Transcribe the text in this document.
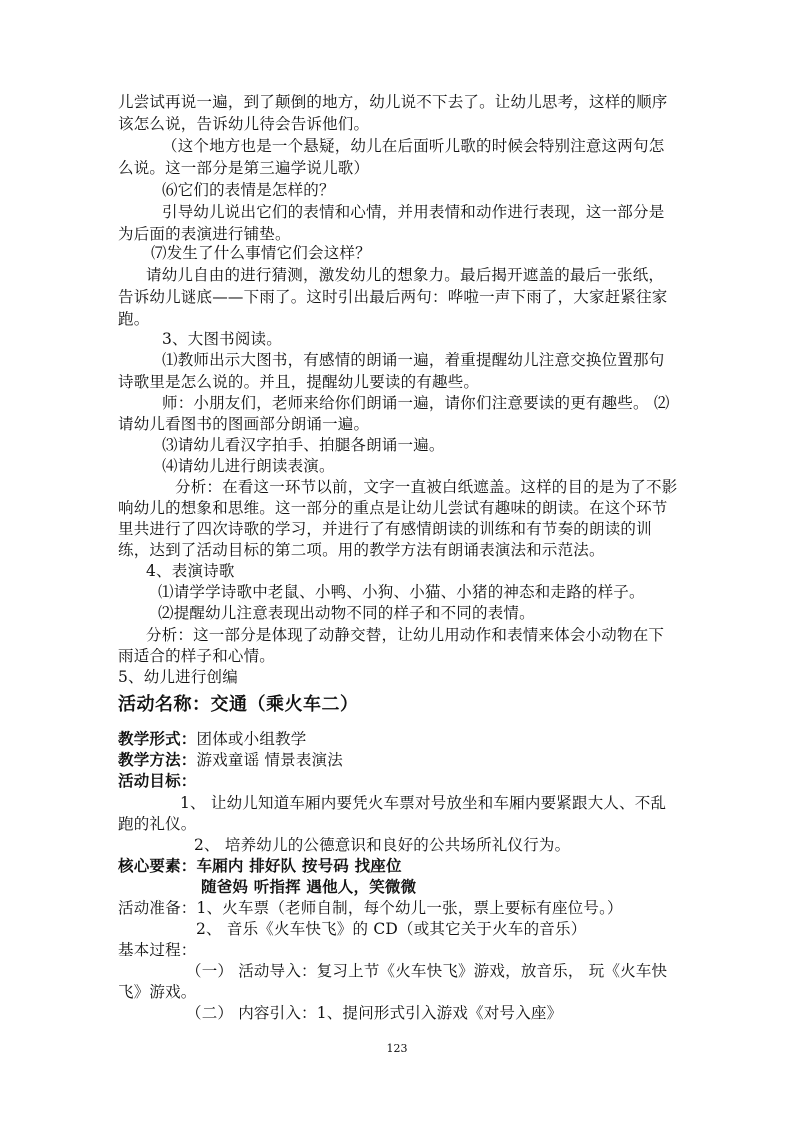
儿尝试再说一遍，到了颠倒的地方，幼儿说不下去了。让幼儿思考，这样的顺序
该怎么说，告诉幼儿待会告诉他们。
（这个地方也是一个悬疑，幼儿在后面听儿歌的时候会特别注意这两句怎
么说。这一部分是第三遍学说儿歌）
⑹它们的表情是怎样的？
引导幼儿说出它们的表情和心情，并用表情和动作进行表现，这一部分是
为后面的表演进行铺垫。
⑺发生了什么事情它们会这样？
请幼儿自由的进行猜测，激发幼儿的想象力。最后揭开遮盖的最后一张纸，
告诉幼儿谜底——下雨了。这时引出最后两句：哗啦一声下雨了，大家赶紧往家
跑。
3、大图书阅读。
⑴教师出示大图书，有感情的朗诵一遍，着重提醒幼儿注意交换位置那句
诗歌里是怎么说的。并且，提醒幼儿要读的有趣些。
师：小朋友们，老师来给你们朗诵一遍，请你们注意要读的更有趣些。 ⑵
请幼儿看图书的图画部分朗诵一遍。
⑶请幼儿看汉字拍手、拍腿各朗诵一遍。
⑷请幼儿进行朗读表演。
分析：在看这一环节以前，文字一直被白纸遮盖。这样的目的是为了不影
响幼儿的想象和思维。这一部分的重点是让幼儿尝试有趣味的朗读。在这个环节
里共进行了四次诗歌的学习，并进行了有感情朗读的训练和有节奏的朗读的训
练，达到了活动目标的第二项。用的教学方法有朗诵表演法和示范法。
4、表演诗歌
⑴请学学诗歌中老鼠、小鸭、小狗、小猫、小猪的神态和走路的样子。
⑵提醒幼儿注意表现出动物不同的样子和不同的表情。
分析：这一部分是体现了动静交替，让幼儿用动作和表情来体会小动物在下
雨适合的样子和心情。
5、幼儿进行创编
活动名称：交通（乘火车二）
教学形式：团体或小组教学
教学方法：游戏童谣 情景表演法
活动目标：
1、 让幼儿知道车厢内要凭火车票对号放坐和车厢内要紧跟大人、不乱
跑的礼仪。
2、 培养幼儿的公德意识和良好的公共场所礼仪行为。
核心要素：车厢内 排好队 按号码 找座位
随爸妈 听指挥 遇他人，笑微微
活动准备：1、火车票（老师自制，每个幼儿一张，票上要标有座位号。）
2、 音乐《火车快飞》的 CD（或其它关于火车的音乐）
基本过程：
（一） 活动导入：复习上节《火车快飞》游戏，放音乐， 玩《火车快
飞》游戏。
（二） 内容引入：1、提问形式引入游戏《对号入座》
123
